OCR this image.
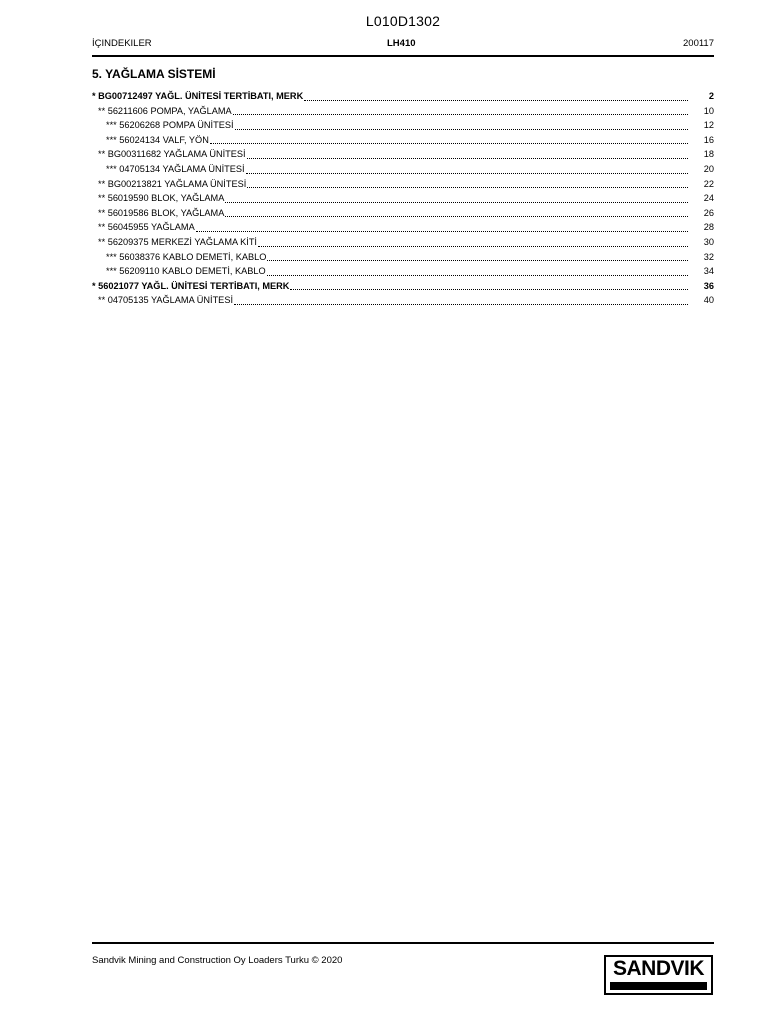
L010D1302
İÇINDEKILER	LH410	200117
5. YAĞLAMA SİSTEMİ
* BG00712497 YAĞL. ÜNİTESİ TERTİBATI, MERK	2
** 56211606 POMPA, YAĞLAMA	10
*** 56206268 POMPA ÜNİTESİ	12
*** 56024134 VALF, YÖN	16
** BG00311682 YAĞLAMA ÜNİTESİ	18
*** 04705134 YAĞLAMA ÜNİTESİ	20
** BG00213821 YAĞLAMA ÜNİTESİ	22
** 56019590 BLOK, YAĞLAMA	24
** 56019586 BLOK, YAĞLAMA	26
** 56045955 YAĞLAMA	28
** 56209375 MERKEZİ YAĞLAMA KİTİ	30
*** 56038376 KABLO DEMETİ, KABLO	32
*** 56209110 KABLO DEMETİ, KABLO	34
* 56021077 YAĞL. ÜNİTESİ TERTİBATI, MERK	36
** 04705135 YAĞLAMA ÜNİTESİ	40
Sandvik Mining and Construction Oy Loaders Turku © 2020	SANDVIK
